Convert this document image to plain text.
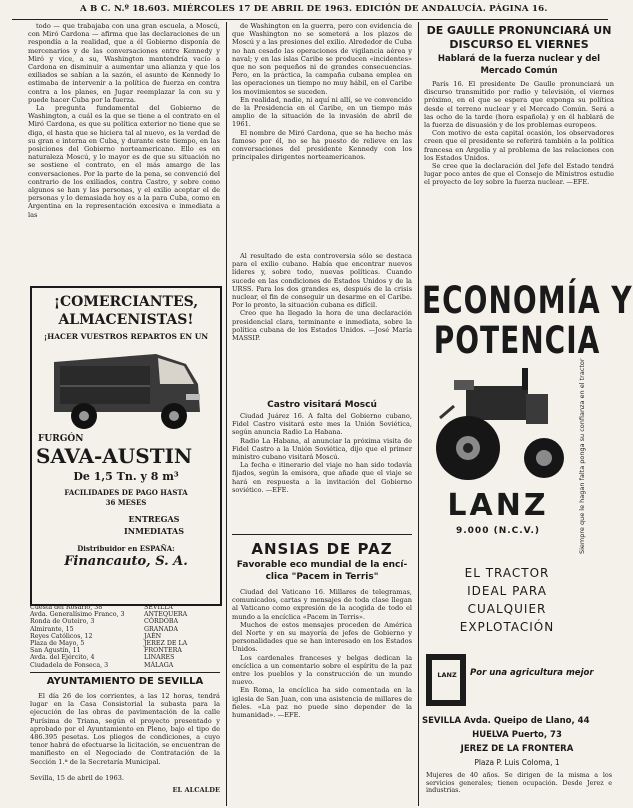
A B C. N.º 18.603. MIÉRCOLES 17 DE ABRIL DE 1963. EDICIÓN DE ANDALUCÍA. PÁGINA 16.

todo — que trabajaba con una gran escuela, a Moscú, con Miró Cardona — afirma que las declaraciones de un respondía a la realidad, que a él Gobierno disponía de mercenarios y de las conversaciones entre Kennedy y Miró y vice, a su, Washington mantendría vacío a Cardona en disminuir a aumentar una alianza y que los exiliados se sabían a la sazón, el asunto de Kennedy lo estimaba de intervenir a la política de fuerza en contra contra a los planes, en Jugar reemplazar la con su y puede hacer Cuba por la fuerza.

La pregunta fundamental del Gobierno de Washington, a cuál es la que se tiene a el contrato en el Miró Cardona, es que su política exterior no tiene que se diga, el hasta que se hiciera tal al nuevo, es la verdad de su gran e interna en Cuba, y durante este tiempo, en las posiciones del Gobierno norteamericano. Ello es en naturaleza Moscú, y lo mayor es de que su situación no se sostiene el contrato, en el más amargo de las conversaciones. Por la parte de la pena, se convenció del contrario de los exiliados, contra Castro, y sobre como algunos se han y las personas, y el exilio aceptar el de personas y lo demasiada hoy es a la para Cuba, como en Argentina en la representación excesiva e inmediata a las

¡COMERCIANTES,
ALMACENISTAS!
¡HACER VUESTROS REPARTOS EN UN
FURGÓN
SAVA-AUSTIN
De 1,5 Tn. y 8 m³
FACILIDADES DE PAGO HASTA
36 MESES
ENTREGAS
INMEDIATAS
Distribuidor en ESPAÑA:
Financauto, S. A.
Cuesta del Rosario, 38
Avda. Generalísimo Franco, 3
Ronda de Outeiro, 3
Almirante, 15
Reyes Católicos, 12
Plaza de Mayo, 5
San Agustín, 11
Avda. del Ejército, 4
SEVILLA
ANTEQUERA
CÓRDOBA
GRANADA
JAÉN
JEREZ DE LA FRONTERA
LINARES
MÁLAGA
Ciudadela de Fonseca, 3
AYUNTAMIENTO DE SEVILLA

El día 26 de los corrientes, a las 12 horas, tendrá lugar en la Casa Consistorial la subasta para la ejecución de las obras de pavimentación de la calle Purísima de Triana, según el proyecto presentado y aprobado por el Ayuntamiento en Pleno, bajo el tipo de 486.395 pesetas. Los pliegos de condiciones, a cuyo tenor habrá de efectuarse la licitación, se encuentran de manifiesto en el Negociado de Contratación de la Sección 1.ª de la Secretaría Municipal.

Sevilla, 15 de abril de 1963.
EL ALCALDE

de Washington en la guerra, pero con evidencia de que Washington no se someterá a los plazos de Moscú y a las presiones del exilio. Alrededor de Cuba no han cesado las operaciones de vigilancia aérea y naval; y en las islas Caribe se producen «incidentes» que no son pequeños ni de grandes consecuencias. Pero, en la práctica, la campaña cubana emplea en las operaciones un tiempo no muy hábil, en el Caribe los movimientos se suceden.

En realidad, nadie, ni aquí ni allí, se ve convencido de la Presidencia en el Caribe, en un tiempo más amplio de la situación de la invasión de abril de 1961.

El nombre de Miró Cardona, que se ha hecho más famoso por él, no se ha puesto de relieve en las conversaciones del presidente Kennedy con los principales dirigentes norteamericanos.

Al resultado de esta controversia sólo se destaca para el exilio cubano. Había que encontrar nuevos líderes y, sobre todo, nuevas políticas. Cuando sucede en las condiciones de Estados Unidos y de la URSS. Para los dos grandes es, después de la crisis nuclear, el fin de conseguir un desarme en el Caribe. Por lo pronto, la situación cubana es difícil.

Creo que ha llegado la hora de una declaración presidencial clara, terminante e inmediata, sobre la política cubana de los Estados Unidos. —José María MASSIP.

Castro visitará Moscú

Ciudad Juárez 16. A falta del Gobierno cubano, Fidel Castro visitará este mes la Unión Soviética, según anuncia Radio La Habana.

Radio La Habana, al anunciar la próxima visita de Fidel Castro a la Unión Soviética, dijo que el primer ministro cubano visitará Moscú.

La fecha e itinerario del viaje no han sido todavía fijados, según la emisora, que añade que el viaje se hará en respuesta a la invitación del Gobierno soviético. —EFE.

ANSIAS DE PAZ
Favorable eco mundial de la encí-
clica "Pacem in Terris"

Ciudad del Vaticano 16. Millares de telegramas, comunicados, cartas y mensajes de toda clase llegan al Vaticano como expresión de la acogida de todo el mundo a la encíclica «Pacem in Terris».

Muchos de estos mensajes proceden de América del Norte y en su mayoría de jefes de Gobierno y personalidades que se han interesado en los Estados Unidos.

Los cardenales franceses y belgas dedican la encíclica a un comentario sobre el espíritu de la paz entre los pueblos y la construcción de un mundo nuevo.

En Roma, la encíclica ha sido comentada en la iglesia de San Juan, con una asistencia de millares de fieles. «La paz no puede sino depender de la humanidad». —EFE.

DE GAULLE PRONUNCIARÁ UN
DISCURSO EL VIERNES
Hablará de la fuerza nuclear y del
Mercado Común

París 16. El presidente De Gaulle pronunciará un discurso transmitido por radio y televisión, el viernes próximo, en el que se espera que exponga su política desde el terreno nuclear y el Mercado Común. Será a las ocho de la tarde (hora española) y en él hablará de la fuerza de disuasión y de los problemas europeos.

Con motivo de esta capital ocasión, los observadores creen que el presidente se referirá también a la política francesa en Argelia y al problema de las relaciones con los Estados Unidos.

Se cree que la declaración del Jefe del Estado tendrá lugar poco antes de que el Consejo de Ministros estudie el proyecto de ley sobre la fuerza nuclear. —EFE.

ECONOMÍA Y
POTENCIA
Siempre que le hagan falta ponga su confianza en el tractor
LANZ
9.000 (N.C.V.)
EL TRACTOR
IDEAL PARA
CUALQUIER
EXPLOTACIÓN
LANZ	Por una agricultura mejor
SEVILLA Avda. Queipo de Llano, 44
HUELVA Puerto, 73
JEREZ DE LA FRONTERA
Plaza P. Luis Coloma, 1
Mujeres de 40 años. Se dirigen de la misma a los servicios generales; tienen ocupación. Desde Jerez e industrias.
